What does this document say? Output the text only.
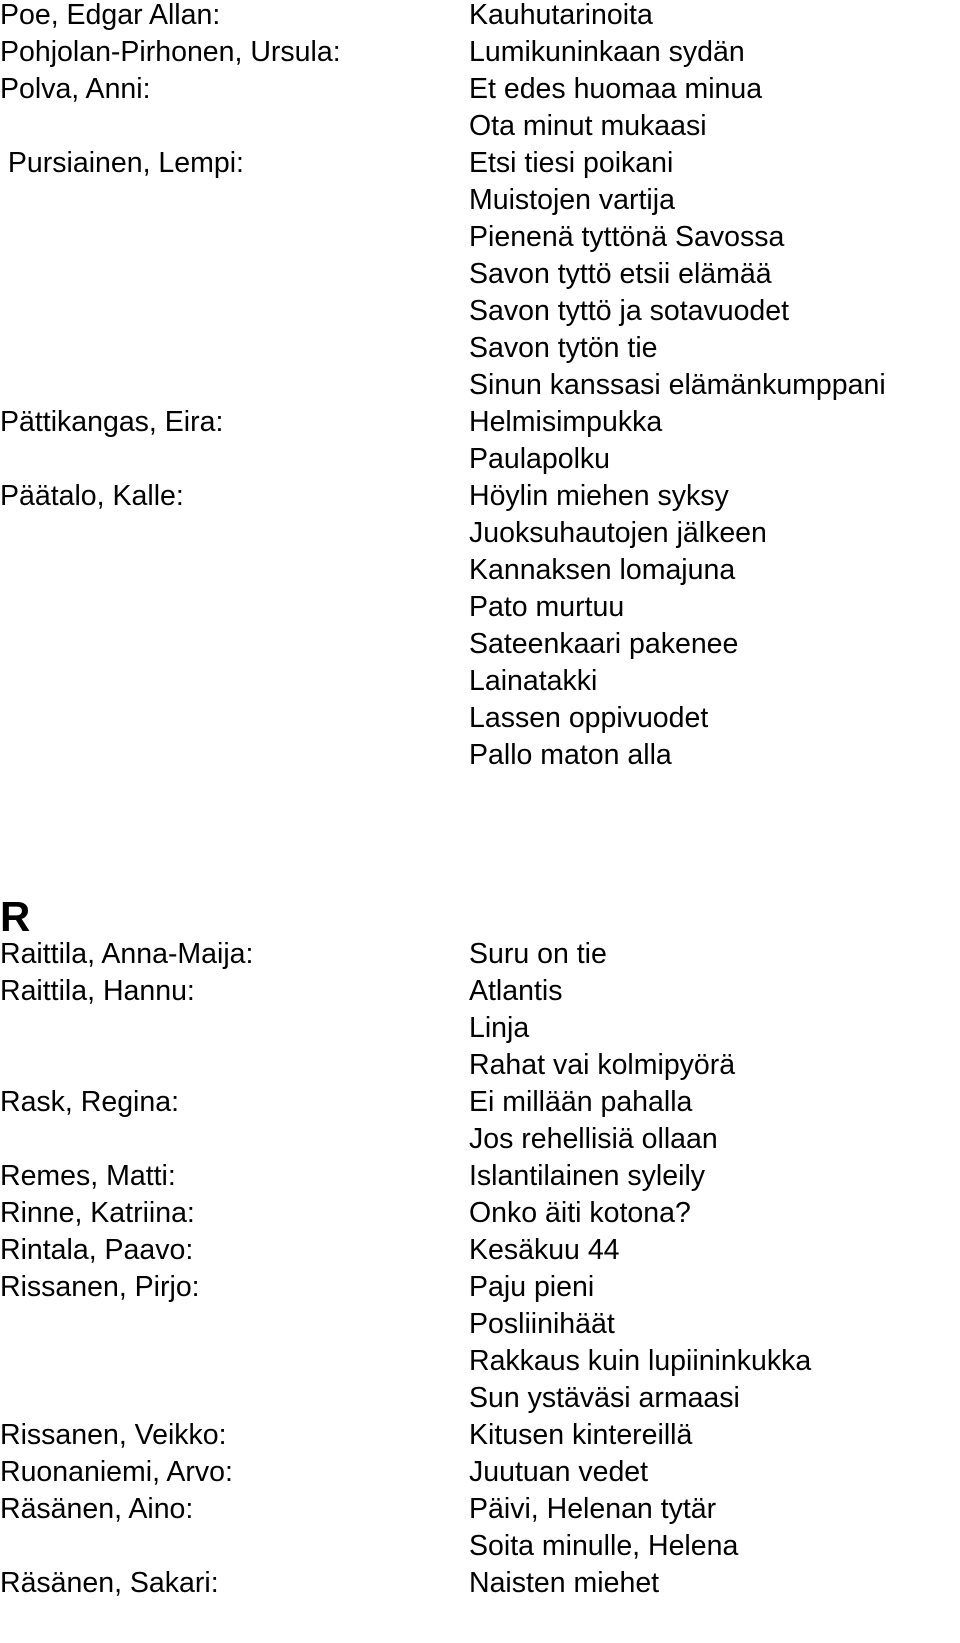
Poe, Edgar Allan:	Kauhutarinoita
Pohjolan-Pirhonen, Ursula:	Lumikuninkaan sydän
Polva, Anni:	Et edes huomaa minua
Ota minut mukaasi
Pursiainen, Lempi:	Etsi tiesi poikani
Muistojen vartija
Pienenä tyttönä Savossa
Savon tyttö etsii elämää
Savon tyttö ja sotavuodet
Savon tytön tie
Sinun kanssasi elämänkumppani
Pättikangas, Eira:	Helmisimpukka
Paulapolku
Päätalo, Kalle:	Höylin miehen syksy
Juoksuhautojen jälkeen
Kannaksen lomajuna
Pato murtuu
Sateenkaari pakenee
Lainatakki
Lassen oppivuodet
Pallo maton alla
R
Raittila, Anna-Maija:	Suru on tie
Raittila, Hannu:	Atlantis
Linja
Rahat vai kolmipyörä
Rask, Regina:	Ei millään pahalla
Jos rehellisiä ollaan
Remes, Matti:	Islantilainen syleily
Rinne, Katriina:	Onko äiti kotona?
Rintala, Paavo:	Kesäkuu 44
Rissanen, Pirjo:	Paju pieni
Posliinihäät
Rakkaus kuin lupiininkukka
Sun ystäväsi armaasi
Rissanen, Veikko:	Kitusen kintereillä
Ruonaniemi, Arvo:	Juutuan vedet
Räsänen, Aino:	Päivi, Helenan tytär
Soita minulle, Helena
Räsänen, Sakari:	Naisten miehet
